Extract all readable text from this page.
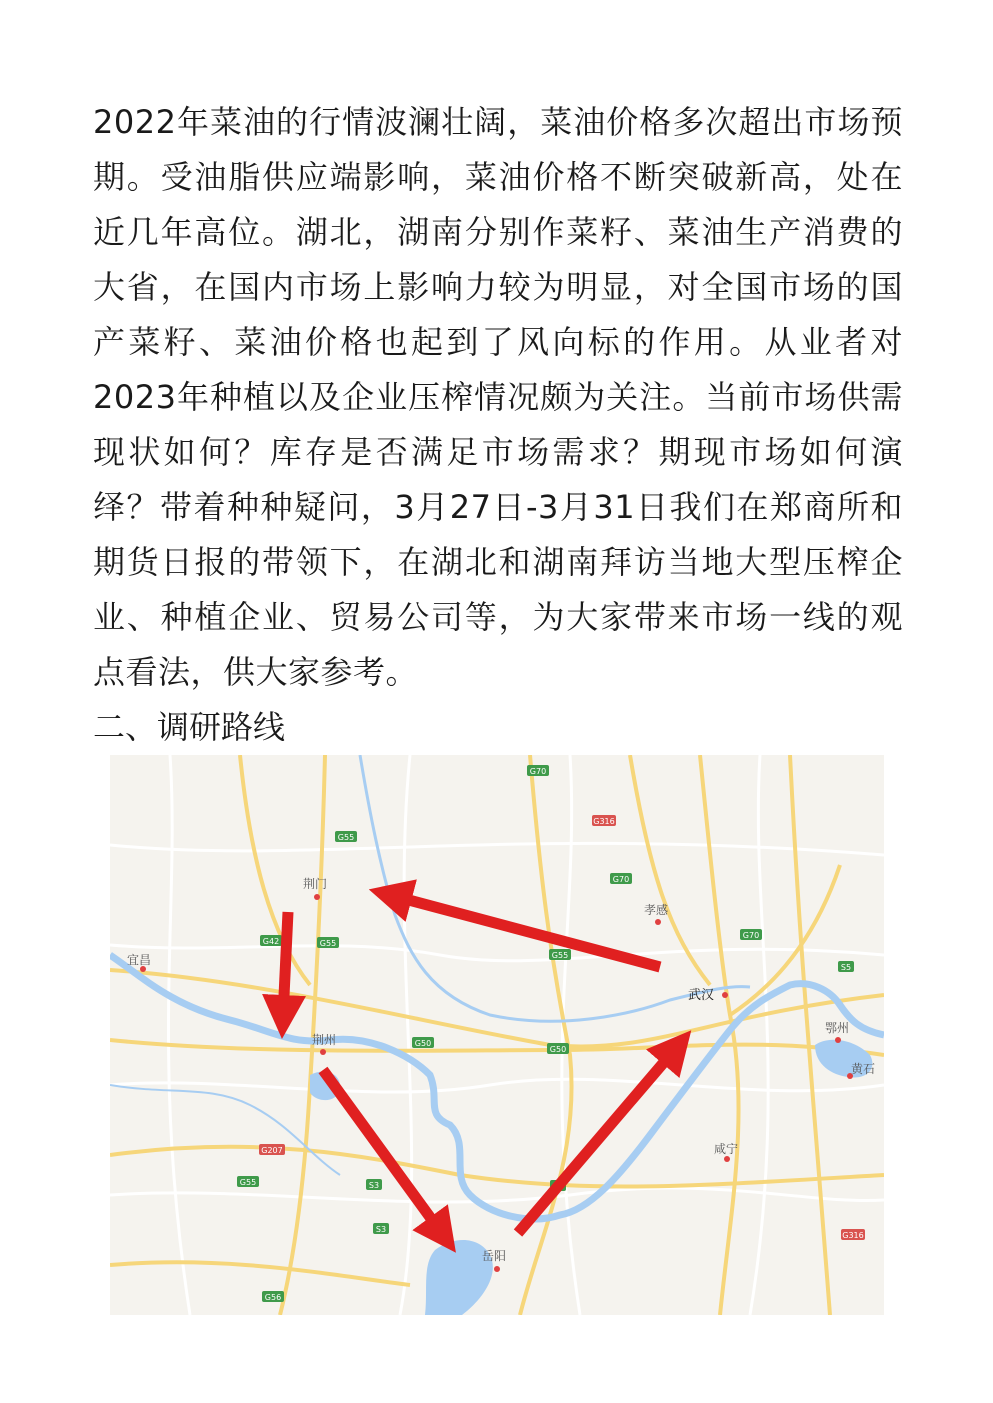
2022年菜油的行情波澜壮阔，菜油价格多次超出市场预期。受油脂供应端影响，菜油价格不断突破新高，处在近几年高位。湖北，湖南分别作菜籽、菜油生产消费的大省，在国内市场上影响力较为明显，对全国市场的国产菜籽、菜油价格也起到了风向标的作用。从业者对2023年种植以及企业压榨情况颇为关注。当前市场供需现状如何？库存是否满足市场需求？期现市场如何演绎？带着种种疑问，3月27日-3月31日我们在郑商所和期货日报的带领下，在湖北和湖南拜访当地大型压榨企业、种植企业、贸易公司等，为大家带来市场一线的观点看法，供大家参考。

二、调研路线
G70
G55
G316
G70
G42	G55
G70
G55
S5
S5
G50
G50
G207
G55	S3
S3
G316
G56
荆门
宜昌
荆州
孝感
武汉
鄂州
黄石
咸宁
岳阳
